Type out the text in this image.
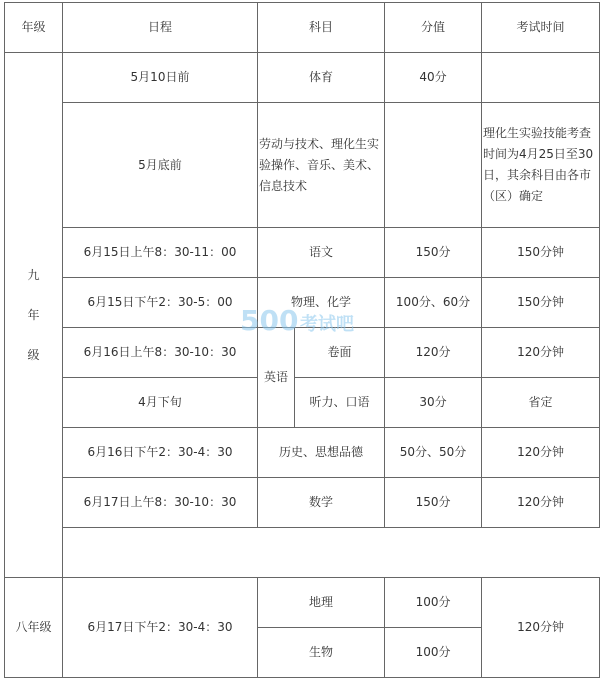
年级	日程	科目		分值	考试时间

九
年
级	5月10日前	体育		40分	
	5月底前	劳动与技术、理化生实验操作、音乐、美术、信息技术			理化生实验技能考查时间为4月25日至30日，其余科目由各市（区）确定
	6月15日上午8：30-11：00	语文		150分	150分钟
	6月15日下午2：30-5：00	物理、化学		100分、60分	150分钟
	6月16日上午8：30-10：30	英语	卷面	120分	120分钟
	4月下旬		听力、口语	30分	省定
	6月16日下午2：30-4：30	历史、思想品德		50分、50分	120分钟
	6月17日上午8：30-10：30	数学		150分	120分钟

八年级	6月17日下午2：30-4：30	地理		100分	120分钟
		生物		100分	
500 考试吧
